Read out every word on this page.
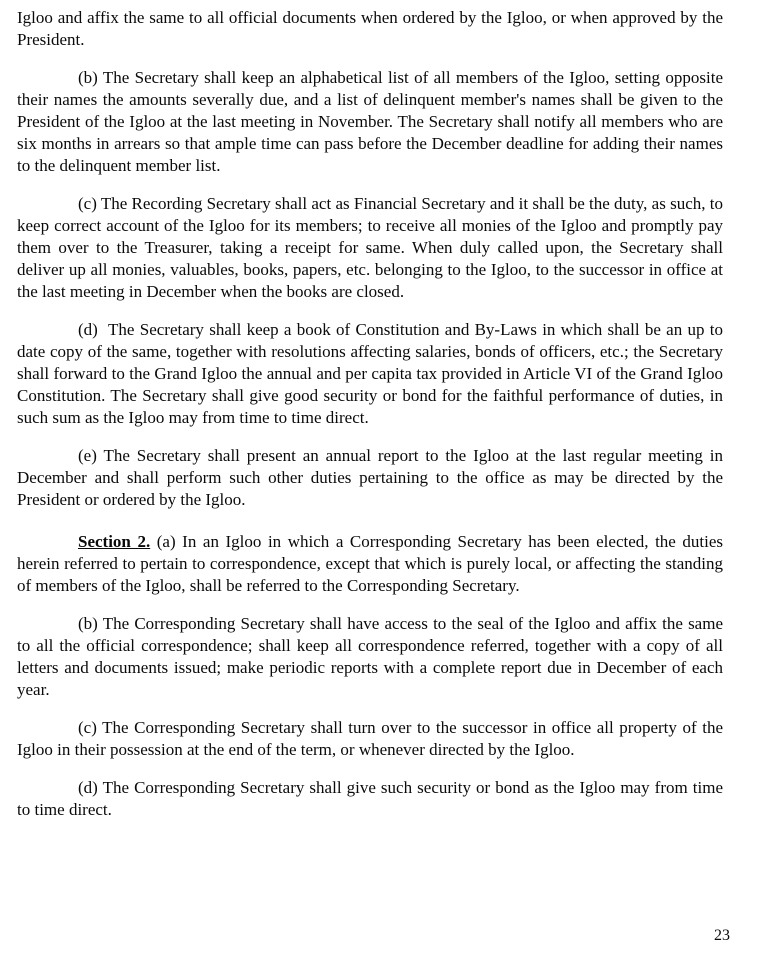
Igloo and affix the same to all official documents when ordered by the Igloo, or when approved by the President.

(b) The Secretary shall keep an alphabetical list of all members of the Igloo, setting opposite their names the amounts severally due, and a list of delinquent member's names shall be given to the President of the Igloo at the last meeting in November. The Secretary shall notify all members who are six months in arrears so that ample time can pass before the December deadline for adding their names to the delinquent member list.

(c) The Recording Secretary shall act as Financial Secretary and it shall be the duty, as such, to keep correct account of the Igloo for its members; to receive all monies of the Igloo and promptly pay them over to the Treasurer, taking a receipt for same. When duly called upon, the Secretary shall deliver up all monies, valuables, books, papers, etc. belonging to the Igloo, to the successor in office at the last meeting in December when the books are closed.

(d)  The Secretary shall keep a book of Constitution and By-Laws in which shall be an up to date copy of the same, together with resolutions affecting salaries, bonds of officers, etc.; the Secretary shall forward to the Grand Igloo the annual and per capita tax provided in Article VI of the Grand Igloo Constitution. The Secretary shall give good security or bond for the faithful performance of duties, in such sum as the Igloo may from time to time direct.

(e) The Secretary shall present an annual report to the Igloo at the last regular meeting in December and shall perform such other duties pertaining to the office as may be directed by the President or ordered by the Igloo.

Section 2. (a) In an Igloo in which a Corresponding Secretary has been elected, the duties herein referred to pertain to correspondence, except that which is purely local, or affecting the standing of members of the Igloo, shall be referred to the Corresponding Secretary.

(b) The Corresponding Secretary shall have access to the seal of the Igloo and affix the same to all the official correspondence; shall keep all correspondence referred, together with a copy of all letters and documents issued; make periodic reports with a complete report due in December of each year.

(c) The Corresponding Secretary shall turn over to the successor in office all property of the Igloo in their possession at the end of the term, or whenever directed by the Igloo.

(d) The Corresponding Secretary shall give such security or bond as the Igloo may from time to time direct.

23
